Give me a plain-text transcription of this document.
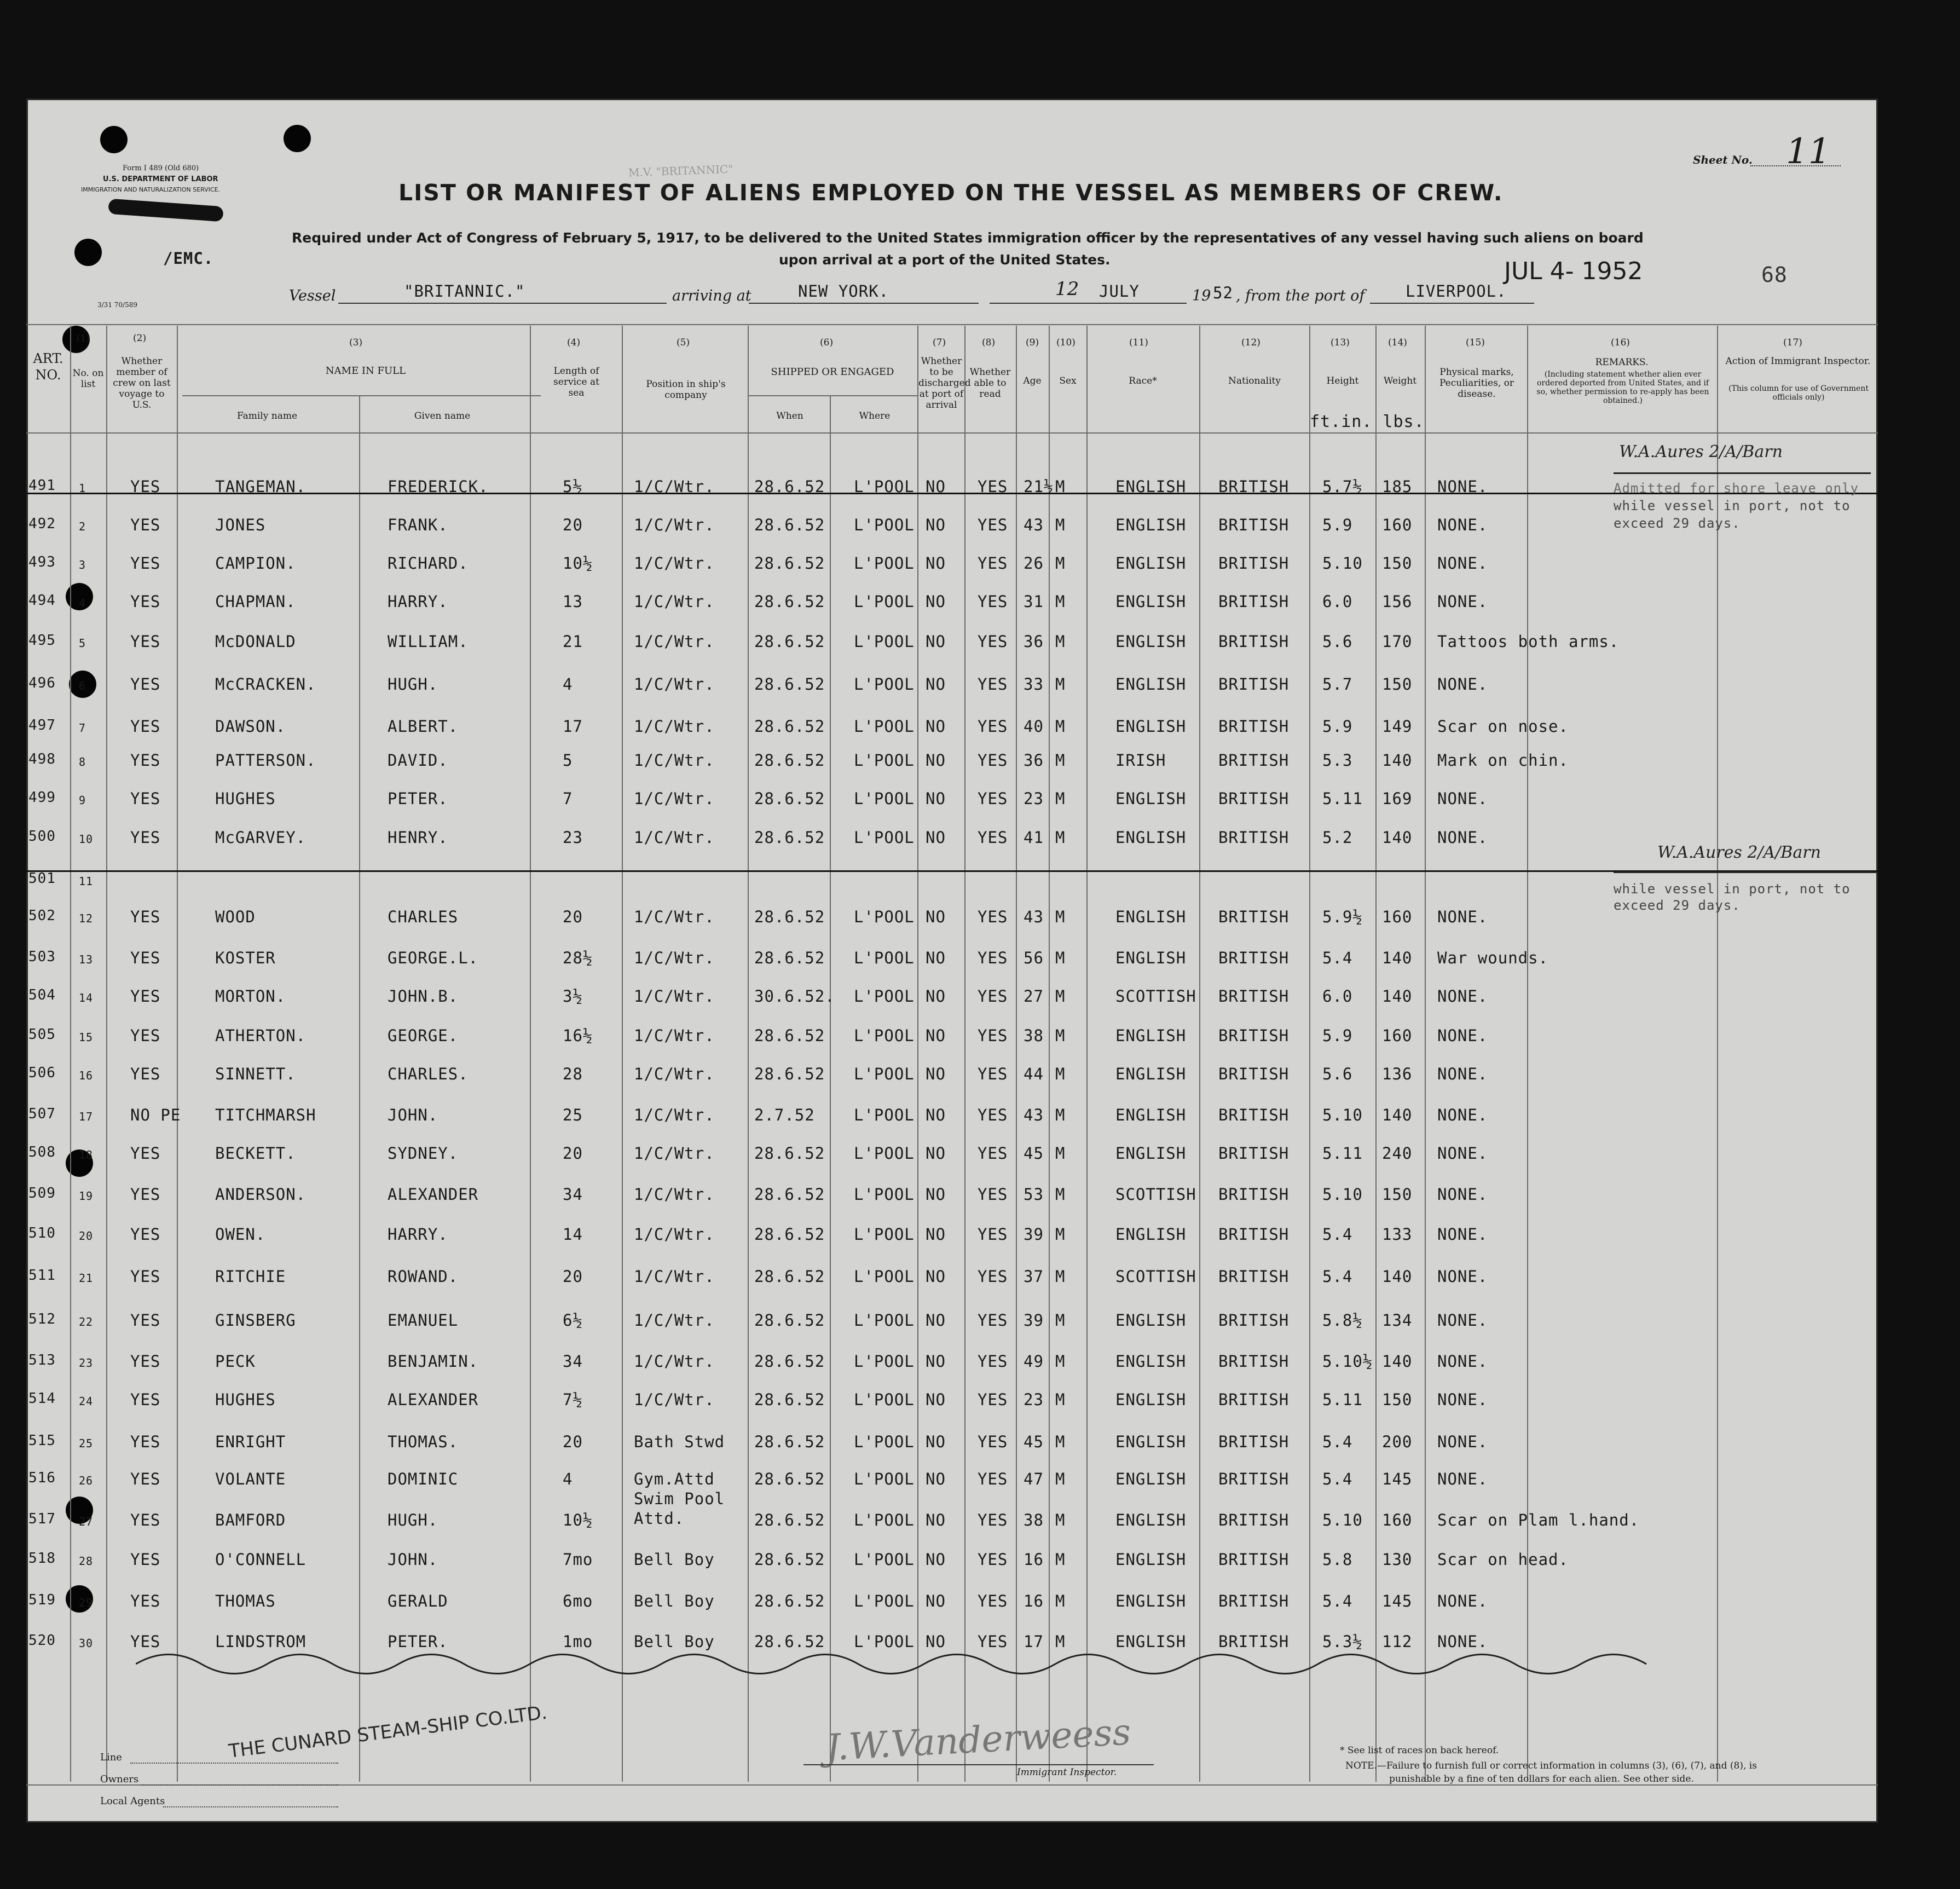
Form I 489 (Old 680)
U.S. DEPARTMENT OF LABOR
IMMIGRATION AND NATURALIZATION SERVICE.
/EMC.
3/31 70/589
Sheet No. 11
LIST OR MANIFEST OF ALIENS EMPLOYED ON THE VESSEL AS MEMBERS OF CREW.
Required under Act of Congress of February 5, 1917, to be delivered to the United States immigration officer by the representatives of any vessel having such aliens on board
upon arrival at a port of the United States.
68
M.V. "BRITANNIC"
JUL 4- 1952
Vessel	"BRITANNIC."	arriving at	NEW YORK.	12 JULY	19 52 , from the port of	LIVERPOOL.
(1)
ART. NO.	No. on list
(2)
Whether member of crew on last voyage to U.S.
(3)
NAME IN FULL
Family name	Given name
(4)
Length of service at sea
(5)
Position in ship's company
(6)
SHIPPED OR ENGAGED
When	Where
(7)
Whether to be discharged at port of arrival
(8)
Whether able to read
(9)
Age
(10)
Sex
(11)
Race*
(12)
Nationality
(13)
Height
(14)
Weight
ft.in. lbs.
(15)
Physical marks, Peculiarities, or disease.
(16)
REMARKS.
(Including statement whether alien ever ordered deported from United States, and if so, whether permission to re-apply has been obtained.)
(17)
Action of Immigrant Inspector.
(This column for use of Government officials only)
491 1	YES	TANGEMAN.	FREDERICK.	5½	1/C/Wtr. 28.6.52 L'POOL NO YES 21½ M	ENGLISH BRITISH 5.7½ 185 NONE.
492 2	YES	JONES	FRANK.	20	1/C/Wtr. 28.6.52 L'POOL NO YES 43 M	ENGLISH BRITISH 5.9 160 NONE.
493 3	YES	CAMPION.	RICHARD.	10½	1/C/Wtr. 28.6.52 L'POOL NO YES 26 M	ENGLISH BRITISH 5.10 150 NONE.
494 4	YES	CHAPMAN.	HARRY.	13	1/C/Wtr. 28.6.52 L'POOL NO YES 31 M	ENGLISH BRITISH 6.0 156 NONE.
495 5	YES	McDONALD	WILLIAM.	21	1/C/Wtr. 28.6.52 L'POOL NO YES 36 M	ENGLISH BRITISH 5.6 170 Tattoos both arms.
496 6	YES	McCRACKEN.	HUGH.	4	1/C/Wtr. 28.6.52 L'POOL NO YES 33 M	ENGLISH BRITISH 5.7 150 NONE.
497 7	YES	DAWSON.	ALBERT.	17	1/C/Wtr. 28.6.52 L'POOL NO YES 40 M	ENGLISH BRITISH 5.9 149 Scar on nose.
498 8	YES	PATTERSON.	DAVID.	5	1/C/Wtr. 28.6.52 L'POOL NO YES 36 M	IRISH	BRITISH 5.3 140 Mark on chin.
499 9	YES	HUGHES	PETER.	7	1/C/Wtr. 28.6.52 L'POOL NO YES 23 M	ENGLISH BRITISH 5.11 169 NONE.
500 10 YES	McGARVEY.	HENRY.	23	1/C/Wtr. 28.6.52 L'POOL NO YES 41 M	ENGLISH BRITISH 5.2 140 NONE.
501 11
502 12 YES	WOOD	CHARLES	20	1/C/Wtr. 28.6.52 L'POOL NO YES 43 M	ENGLISH BRITISH 5.9½ 160 NONE.
503 13 YES	KOSTER	GEORGE.L.	28½	1/C/Wtr. 28.6.52 L'POOL NO YES 56 M	ENGLISH BRITISH 5.4 140 War wounds.
504 14 YES	MORTON.	JOHN.B.	3½	1/C/Wtr. 30.6.52. L'POOL NO YES 27 M	SCOTTISH BRITISH 6.0 140 NONE.
505 15 YES	ATHERTON.	GEORGE.	16½	1/C/Wtr. 28.6.52 L'POOL NO YES 38 M	ENGLISH BRITISH 5.9 160 NONE.
506 16 YES	SINNETT.	CHARLES.	28	1/C/Wtr. 28.6.52 L'POOL NO YES 44 M	ENGLISH BRITISH 5.6 136 NONE.
507 17 NO PE TITCHMARSH	JOHN.	25	1/C/Wtr. 2.7.52 L'POOL NO YES 43 M	ENGLISH BRITISH 5.10 140 NONE.
508 18 YES	BECKETT.	SYDNEY.	20	1/C/Wtr. 28.6.52 L'POOL NO YES 45 M	ENGLISH BRITISH 5.11 240 NONE.
509 19 YES	ANDERSON.	ALEXANDER	34	1/C/Wtr. 28.6.52 L'POOL NO YES 53 M	SCOTTISH BRITISH 5.10 150 NONE.
510 20 YES	OWEN.	HARRY.	14	1/C/Wtr. 28.6.52 L'POOL NO YES 39 M	ENGLISH BRITISH 5.4 133 NONE.
511 21 YES	RITCHIE	ROWAND.	20	1/C/Wtr. 28.6.52 L'POOL NO YES 37 M	SCOTTISH BRITISH 5.4 140 NONE.
512 22 YES	GINSBERG	EMANUEL	6½	1/C/Wtr. 28.6.52 L'POOL NO YES 39 M	ENGLISH BRITISH 5.8½ 134 NONE.
513 23 YES	PECK	BENJAMIN.	34	1/C/Wtr. 28.6.52 L'POOL NO YES 49 M	ENGLISH BRITISH 5.10½ 140 NONE.
514 24 YES	HUGHES	ALEXANDER	7½	1/C/Wtr. 28.6.52 L'POOL NO YES 23 M	ENGLISH BRITISH 5.11 150 NONE.
515 25 YES	ENRIGHT	THOMAS.	20	Bath Stwd 28.6.52 L'POOL NO YES 45 M	ENGLISH BRITISH 5.4 200 NONE.
516 26 YES	VOLANTE	DOMINIC	4	Gym.Attd 28.6.52 L'POOL NO YES 47 M	ENGLISH BRITISH 5.4 145 NONE.
517 27 YES	BAMFORD	HUGH.	10½
Swim Pool Attd.	28.6.52 L'POOL NO YES 38 M	ENGLISH BRITISH 5.10 160 Scar on Plam l.hand.
518 28 YES	O'CONNELL	JOHN.	7mo	Bell Boy 28.6.52 L'POOL NO YES 16 M	ENGLISH BRITISH 5.8 130 Scar on head.
519 29 YES	THOMAS	GERALD	6mo	Bell Boy 28.6.52 L'POOL NO YES 16 M	ENGLISH BRITISH 5.4 145 NONE.
520 30 YES	LINDSTROM	PETER.	1mo	Bell Boy 28.6.52 L'POOL NO YES 17 M	ENGLISH BRITISH 5.3½ 112 NONE.
W.A.Aures 2/A/Barn
Admitted for shore leave only
while vessel in port, not to
exceed 29 days.
W.A.Aures 2/A/Barn
while vessel in port, not to
exceed 29 days.
Line
Owners
Local Agents
THE CUNARD STEAM-SHIP CO.LTD.	J.W.Vanderweess
Immigrant Inspector.
* See list of races on back hereof.
NOTE.—Failure to furnish full or correct information in columns (3), (6), (7), and (8), is
punishable by a fine of ten dollars for each alien. See other side.
